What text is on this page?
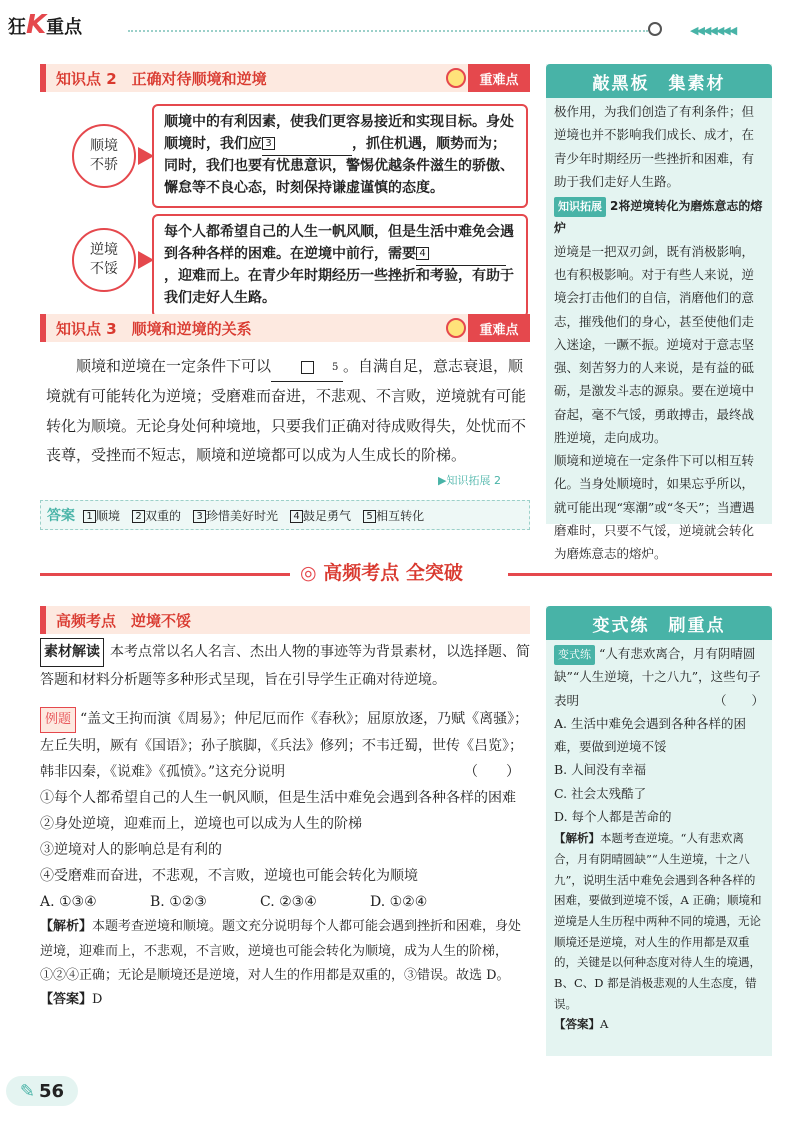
狂K重点	◀◀◀◀◀◀◀
知识点 2　正确对待顺境和逆境	重难点
顺境
不骄
顺境中的有利因素，使我们更容易接近和实现目标。身处顺境时，我们应 3	，抓住机遇，顺势而为；同时，我们也要有忧患意识，警惕优越条件滋生的骄傲、懈怠等不良心态，时刻保持谦虚谨慎的态度。
逆境
不馁
每个人都希望自己的人生一帆风顺，但是生活中难免会遇到各种各样的困难。在逆境中前行，需要 4，迎难而上。在青少年时期经历一些挫折和考验，有助于我们走好人生路。
知识点 3　顺境和逆境的关系	重难点
顺境和逆境在一定条件下可以	5 。自满自足，意志衰退，顺境就有可能转化为逆境；受磨难而奋进，不悲观、不言败，逆境就有可能转化为顺境。无论身处何种境地，只要我们正确对待成败得失，处忧而不丧尊，受挫而不短志，顺境和逆境都可以成为人生成长的阶梯。
▶知识拓展 2
答案	1 顺境 2 双重的 3 珍惜美好时光 4 鼓足勇气 5 相互转化
敲黑板　集素材

极作用，为我们创造了有利条件；但逆境也并不影响我们成长、成才，在青少年时期经历一些挫折和困难，有助于我们走好人生路。

知识拓展 2将逆境转化为磨炼意志的熔炉

逆境是一把双刃剑，既有消极影响，也有积极影响。对于有些人来说，逆境会打击他们的自信，消磨他们的意志，摧残他们的身心，甚至使他们走入迷途，一蹶不振。逆境对于意志坚强、刻苦努力的人来说，是有益的砥砺，是激发斗志的源泉。要在逆境中奋起，毫不气馁，勇敢搏击，最终战胜逆境，走向成功。

顺境和逆境在一定条件下可以相互转化。当身处顺境时，如果忘乎所以，就可能出现“寒潮”或“冬天”；当遭遇磨难时，只要不气馁，逆境就会转化为磨炼意志的熔炉。

◎ 高频考点 全突破
高频考点　逆境不馁
素材解读 本考点常以名人名言、杰出人物的事迹等为背景素材，以选择题、简答题和材料分析题等多种形式呈现，旨在引导学生正确对待逆境。

例题 “盖文王拘而演《周易》；仲尼厄而作《春秋》；屈原放逐，乃赋《离骚》；左丘失明，厥有《国语》；孙子膑脚，《兵法》修列；不韦迁蜀，世传《吕览》；韩非囚秦，《说难》《孤愤》。”这充分说明	（　　）

①每个人都希望自己的人生一帆风顺，但是生活中难免会遇到各种各样的困难

②身处逆境，迎难而上，逆境也可以成为人生的阶梯

③逆境对人的影响总是有利的

④受磨难而奋进，不悲观，不言败，逆境也可能会转化为顺境

A. ①③④	B. ①②③	C. ②③④	D. ①②④

【解析】本题考查逆境和顺境。题文充分说明每个人都可能会遇到挫折和困难，身处逆境，迎难而上，不悲观，不言败，逆境也可能会转化为顺境，成为人生的阶梯，①②④正确；无论是顺境还是逆境，对人生的作用都是双重的，③错误。故选 D。

【答案】D

变式练　刷重点

变式练 “人有悲欢离合，月有阴晴圆缺”“人生逆境，十之八九”，这些句子表明	（　　）

A. 生活中难免会遇到各种各样的困难，要做到逆境不馁

B. 人间没有幸福

C. 社会太残酷了

D. 每个人都是苦命的

【解析】本题考查逆境。“人有悲欢离合，月有阴晴圆缺”“人生逆境，十之八九”，说明生活中难免会遇到各种各样的困难，要做到逆境不馁，A 正确；顺境和逆境是人生历程中两种不同的境遇，无论顺境还是逆境，对人生的作用都是双重的，关键是以何种态度对待人生的境遇，B、C、D 都是消极悲观的人生态度，错误。

【答案】A

✎ 56
